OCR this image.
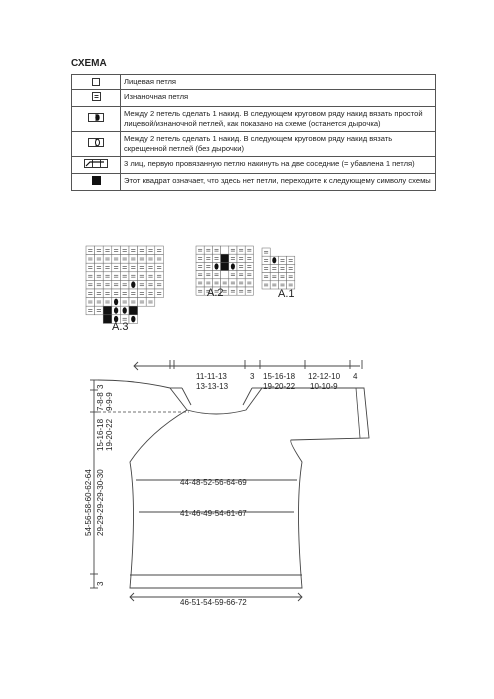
СХЕМА
	Лицевая петля
	Изнаночная петля
	Между 2 петель сделать 1 накид. В следующем круговом ряду накид вязать простой лицевой/изнаночной петлей, как показано на схеме (останется дырочка)
	Между 2 петель сделать 1 накид. В следующем круговом ряду накид вязать скрещенной петлей (без дырочки)
	3 лиц, первую провязанную петлю накинуть на две соседние (= убавлена 1 петля)
	Этот квадрат означает, что здесь нет петли, переходите к следующему символу схемы
A.3
A.2	A.1
11-11-13
13-13-13
3 15-16-18
19-20-22
12-12-10
10-10-9
4
44-48-52-56-64-69
41-46-49-54-61-67
46-51-54-59-66-72
3
7-8-8 9-9-9
15-16-18 19-20-22
54-56-58-60-62-64 29-29-29-29-30-30
3
